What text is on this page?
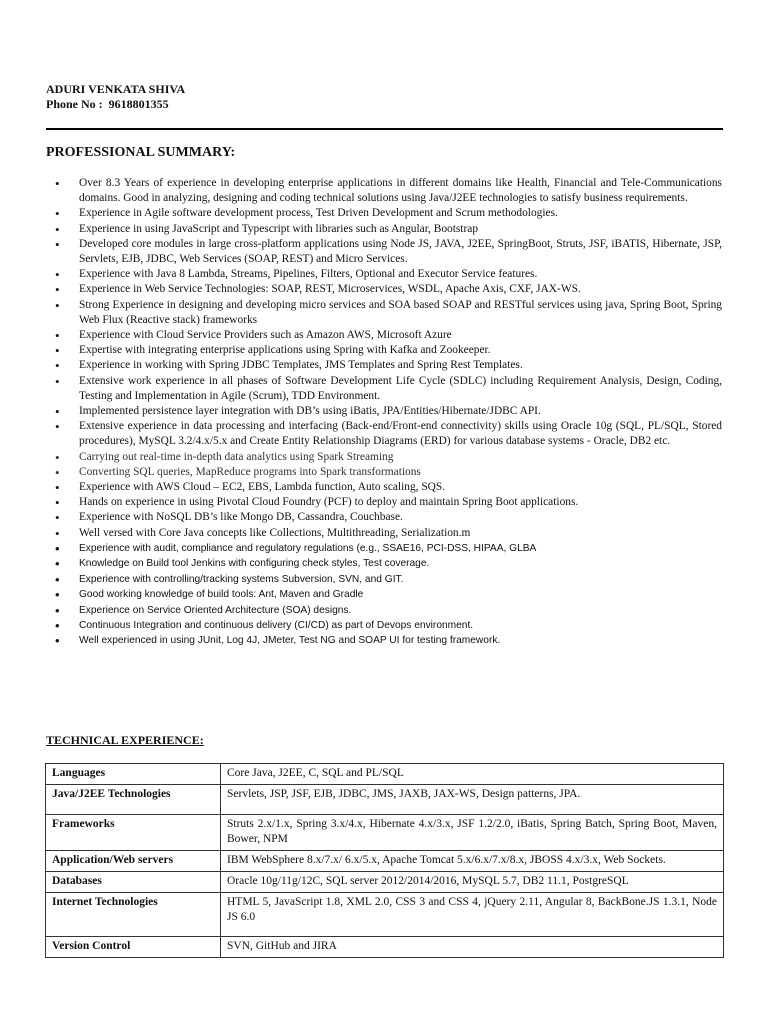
ADURI VENKATA SHIVA
Phone No : 9618801355
PROFESSIONAL SUMMARY:
• Over 8.3 Years of experience in developing enterprise applications in different domains like Health, Financial and Tele-Communications domains. Good in analyzing, designing and coding technical solutions using Java/J2EE technologies to satisfy business requirements.
• Experience in Agile software development process, Test Driven Development and Scrum methodologies.
• Experience in using JavaScript and Typescript with libraries such as Angular, Bootstrap
• Developed core modules in large cross-platform applications using Node JS, JAVA, J2EE, SpringBoot, Struts, JSF, iBATIS, Hibernate, JSP, Servlets, EJB, JDBC, Web Services (SOAP, REST) and Micro Services.
• Experience with Java 8 Lambda, Streams, Pipelines, Filters, Optional and Executor Service features.
• Experience in Web Service Technologies: SOAP, REST, Microservices, WSDL, Apache Axis, CXF, JAX-WS.
• Strong Experience in designing and developing micro services and SOA based SOAP and RESTful services using java, Spring Boot, Spring Web Flux (Reactive stack) frameworks
• Experience with Cloud Service Providers such as Amazon AWS, Microsoft Azure
• Expertise with integrating enterprise applications using Spring with Kafka and Zookeeper.
• Experience in working with Spring JDBC Templates, JMS Templates and Spring Rest Templates.
• Extensive work experience in all phases of Software Development Life Cycle (SDLC) including Requirement Analysis, Design, Coding, Testing and Implementation in Agile (Scrum), TDD Environment.
• Implemented persistence layer integration with DB’s using iBatis, JPA/Entities/Hibernate/JDBC API.
• Extensive experience in data processing and interfacing (Back-end/Front-end connectivity) skills using Oracle 10g (SQL, PL/SQL, Stored procedures), MySQL 3.2/4.x/5.x and Create Entity Relationship Diagrams (ERD) for various database systems - Oracle, DB2 etc.
• Carrying out real-time in-depth data analytics using Spark Streaming
• Converting SQL queries, MapReduce programs into Spark transformations
• Experience with AWS Cloud – EC2, EBS, Lambda function, Auto scaling, SQS.
• Hands on experience in using Pivotal Cloud Foundry (PCF) to deploy and maintain Spring Boot applications.
• Experience with NoSQL DB’s like Mongo DB, Cassandra, Couchbase.
• Well versed with Core Java concepts like Collections, Multithreading, Serialization.m
• Experience with audit, compliance and regulatory regulations (e.g., SSAE16, PCI-DSS, HIPAA, GLBA
• Knowledge on Build tool Jenkins with configuring check styles, Test coverage.
• Experience with controlling/tracking systems Subversion, SVN, and GIT.
• Good working knowledge of build tools: Ant, Maven and Gradle
• Experience on Service Oriented Architecture (SOA) designs.
• Continuous Integration and continuous delivery (CI/CD) as part of Devops environment.
• Well experienced in using JUnit, Log 4J, JMeter, Test NG and SOAP UI for testing framework.
TECHNICAL EXPERIENCE:
Languages	Core Java, J2EE, C, SQL and PL/SQL
Java/J2EE Technologies	Servlets, JSP, JSF, EJB, JDBC, JMS, JAXB, JAX-WS, Design patterns, JPA.
Frameworks	Struts 2.x/1.x, Spring 3.x/4.x, Hibernate 4.x/3.x, JSF 1.2/2.0, iBatis, Spring Batch, Spring Boot, Maven, Bower, NPM
Application/Web servers	IBM WebSphere 8.x/7.x/ 6.x/5.x, Apache Tomcat 5.x/6.x/7.x/8.x, JBOSS 4.x/3.x, Web Sockets.
Databases	Oracle 10g/11g/12C, SQL server 2012/2014/2016, MySQL 5.7, DB2 11.1, PostgreSQL
Internet Technologies	HTML 5, JavaScript 1.8, XML 2.0, CSS 3 and CSS 4, jQuery 2.11, Angular 8, BackBone.JS 1.3.1, Node JS 6.0
Version Control	SVN, GitHub and JIRA
